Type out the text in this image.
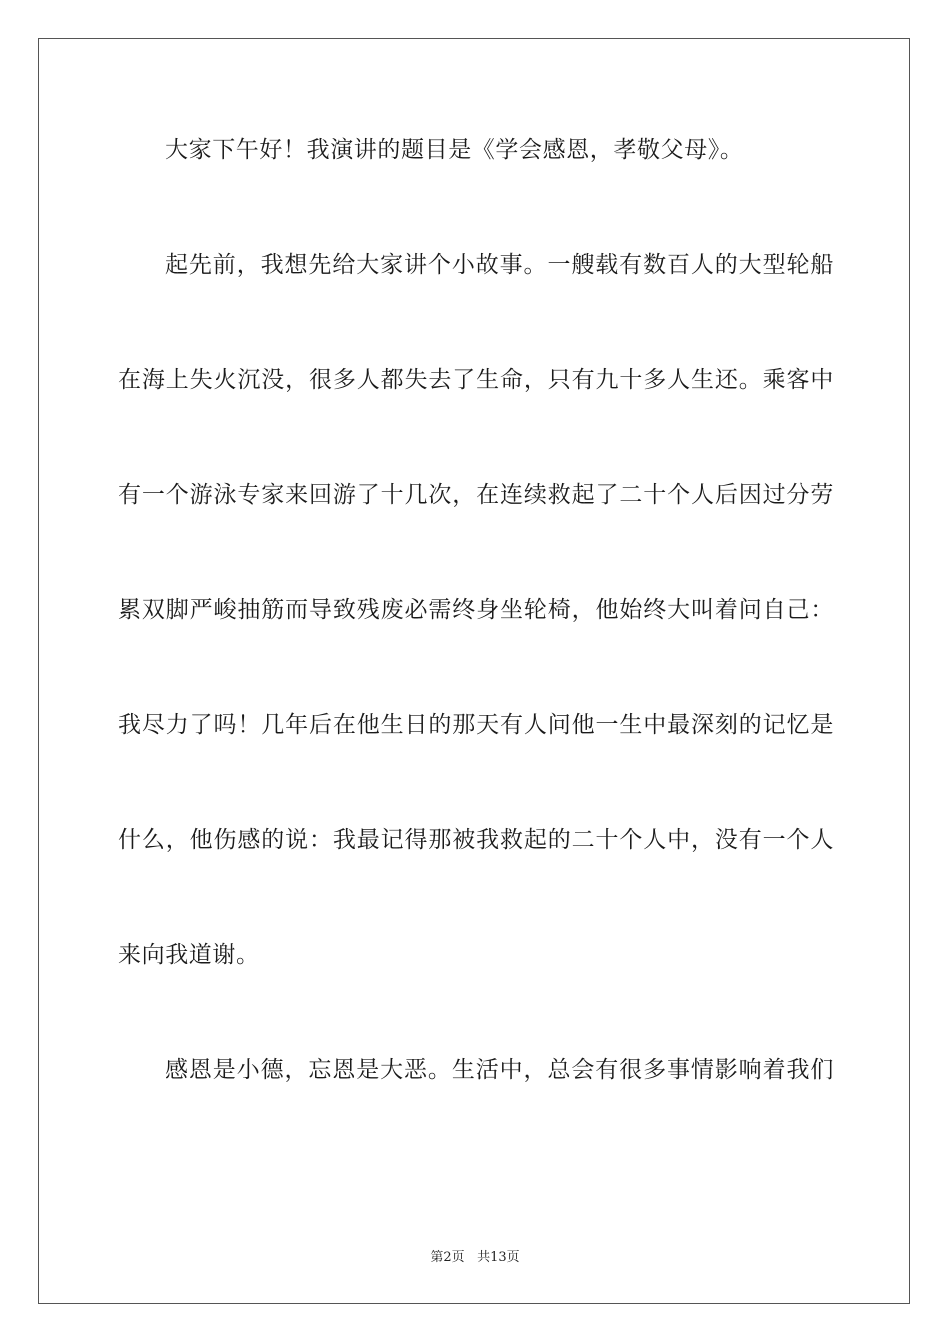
大家下午好！我演讲的题目是《学会感恩，孝敬父母》。
起先前，我想先给大家讲个小故事。一艘载有数百人的大型轮船
在海上失火沉没，很多人都失去了生命，只有九十多人生还。乘客中
有一个游泳专家来回游了十几次，在连续救起了二十个人后因过分劳
累双脚严峻抽筋而导致残废必需终身坐轮椅，他始终大叫着问自己：
我尽力了吗！几年后在他生日的那天有人问他一生中最深刻的记忆是
什么，他伤感的说：我最记得那被我救起的二十个人中，没有一个人
来向我道谢。
感恩是小德，忘恩是大恶。生活中，总会有很多事情影响着我们
第2页 共13页
